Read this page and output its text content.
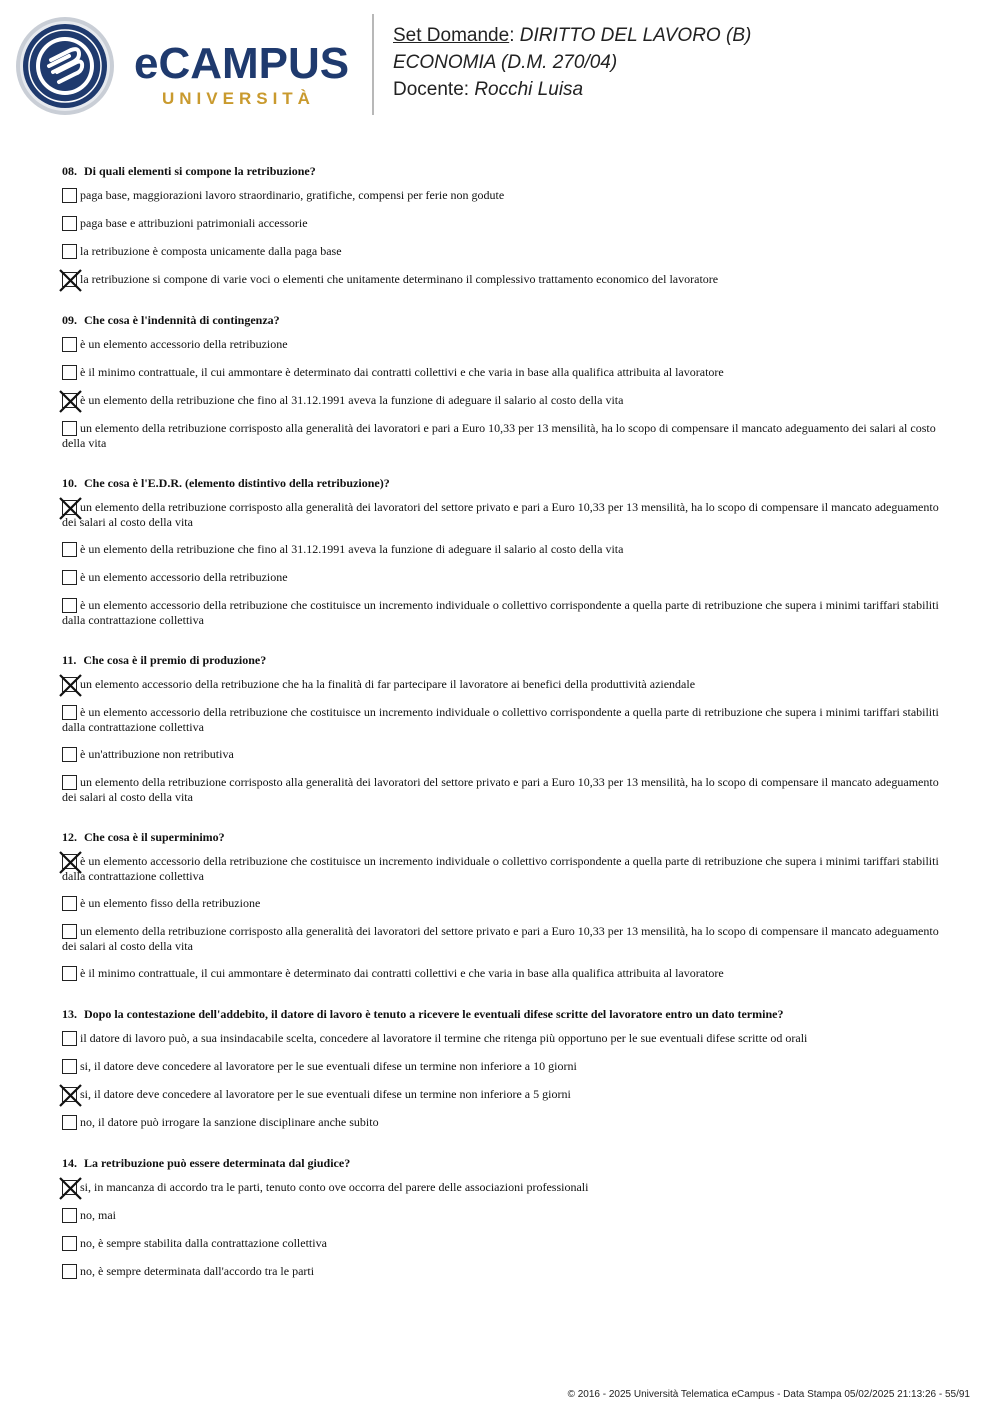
eCAMPUS
UNIVERSITÀ
Set Domande: DIRITTO DEL LAVORO (B)
ECONOMIA (D.M. 270/04)
Docente: Rocchi Luisa
08. Di quali elementi si compone la retribuzione?
paga base, maggiorazioni lavoro straordinario, gratifiche, compensi per ferie non godute
paga base e attribuzioni patrimoniali accessorie
la retribuzione è composta unicamente dalla paga base
la retribuzione si compone di varie voci o elementi che unitamente determinano il complessivo trattamento economico del lavoratore
09. Che cosa è l'indennità di contingenza?
è un elemento accessorio della retribuzione
è il minimo contrattuale, il cui ammontare è determinato dai contratti collettivi e che varia in base alla qualifica attribuita al lavoratore
è un elemento della retribuzione che fino al 31.12.1991 aveva la funzione di adeguare il salario al costo della vita
un elemento della retribuzione corrisposto alla generalità dei lavoratori e pari a Euro 10,33 per 13 mensilità, ha lo scopo di compensare il mancato adeguamento dei salari al costo della vita
10. Che cosa è l'E.D.R. (elemento distintivo della retribuzione)?
un elemento della retribuzione corrisposto alla generalità dei lavoratori del settore privato e pari a Euro 10,33 per 13 mensilità, ha lo scopo di compensare il mancato adeguamento dei salari al costo della vita
è un elemento della retribuzione che fino al 31.12.1991 aveva la funzione di adeguare il salario al costo della vita
è un elemento accessorio della retribuzione
è un elemento accessorio della retribuzione che costituisce un incremento individuale o collettivo corrispondente a quella parte di retribuzione che supera i minimi tariffari stabiliti dalla contrattazione collettiva
11. Che cosa è il premio di produzione?
un elemento accessorio della retribuzione che ha la finalità di far partecipare il lavoratore ai benefici della produttività aziendale
è un elemento accessorio della retribuzione che costituisce un incremento individuale o collettivo corrispondente a quella parte di retribuzione che supera i minimi tariffari stabiliti dalla contrattazione collettiva
è un'attribuzione non retributiva
un elemento della retribuzione corrisposto alla generalità dei lavoratori del settore privato e pari a Euro 10,33 per 13 mensilità, ha lo scopo di compensare il mancato adeguamento dei salari al costo della vita
12. Che cosa è il superminimo?
è un elemento accessorio della retribuzione che costituisce un incremento individuale o collettivo corrispondente a quella parte di retribuzione che supera i minimi tariffari stabiliti dalla contrattazione collettiva
è un elemento fisso della retribuzione
un elemento della retribuzione corrisposto alla generalità dei lavoratori del settore privato e pari a Euro 10,33 per 13 mensilità, ha lo scopo di compensare il mancato adeguamento dei salari al costo della vita
è il minimo contrattuale, il cui ammontare è determinato dai contratti collettivi e che varia in base alla qualifica attribuita al lavoratore
13. Dopo la contestazione dell'addebito, il datore di lavoro è tenuto a ricevere le eventuali difese scritte del lavoratore entro un dato termine?
il datore di lavoro può, a sua insindacabile scelta, concedere al lavoratore il termine che ritenga più opportuno per le sue eventuali difese scritte od orali
si, il datore deve concedere al lavoratore per le sue eventuali difese un termine non inferiore a 10 giorni
si, il datore deve concedere al lavoratore per le sue eventuali difese un termine non inferiore a 5 giorni
no, il datore può irrogare la sanzione disciplinare anche subito
14. La retribuzione può essere determinata dal giudice?
si, in mancanza di accordo tra le parti, tenuto conto ove occorra del parere delle associazioni professionali
no, mai
no, è sempre stabilita dalla contrattazione collettiva
no, è sempre determinata dall'accordo tra le parti
© 2016 - 2025 Università Telematica eCampus - Data Stampa 05/02/2025 21:13:26 - 55/91
